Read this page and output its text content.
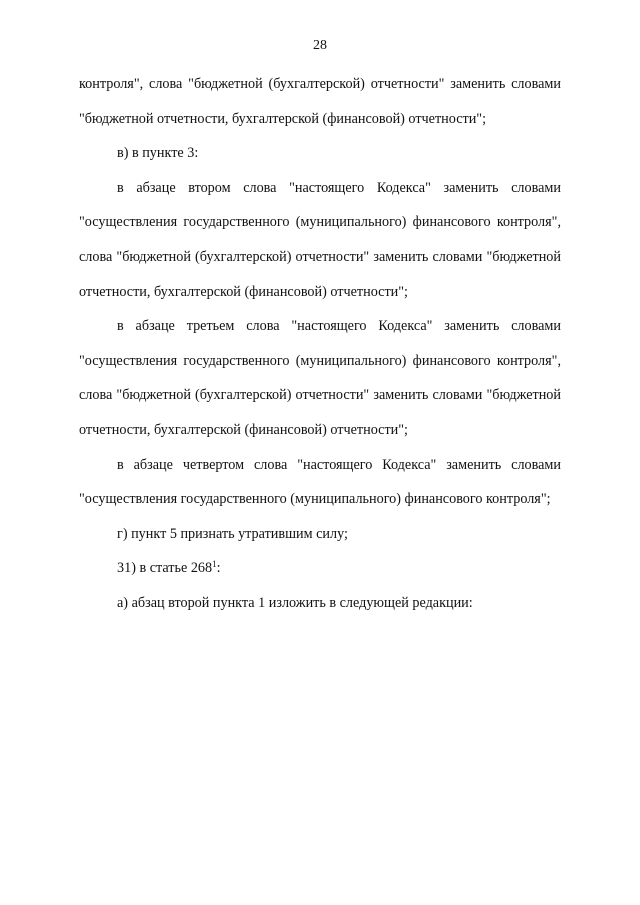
28

контроля", слова "бюджетной (бухгалтерской) отчетности" заменить словами "бюджетной отчетности, бухгалтерской (финансовой) отчетности";

в) в пункте 3:

в абзаце втором слова "настоящего Кодекса" заменить словами "осуществления государственного (муниципального) финансового контроля", слова "бюджетной (бухгалтерской) отчетности" заменить словами "бюджетной отчетности, бухгалтерской (финансовой) отчетности";

в абзаце третьем слова "настоящего Кодекса" заменить словами "осуществления государственного (муниципального) финансового контроля", слова "бюджетной (бухгалтерской) отчетности" заменить словами "бюджетной отчетности, бухгалтерской (финансовой) отчетности";

в абзаце четвертом слова "настоящего Кодекса" заменить словами "осуществления государственного (муниципального) финансового контроля";

г) пункт 5 признать утратившим силу;

31) в статье $268^1$:

а) абзац второй пункта 1 изложить в следующей редакции:
